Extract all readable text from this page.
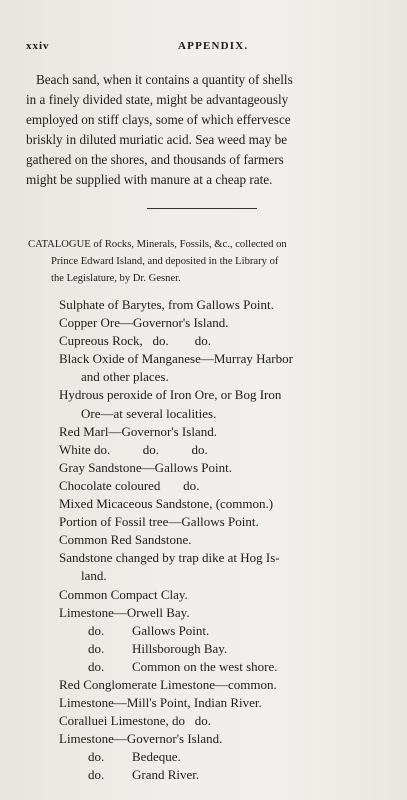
xxiv	APPENDIX.

Beach sand, when it contains a quantity of shells
in a finely divided state, might be advantageously
employed on stiff clays, some of which effervesce
briskly in diluted muriatic acid. Sea weed may be
gathered on the shores, and thousands of farmers
might be supplied with manure at a cheap rate.

CATALOGUE of Rocks, Minerals, Fossils, &c., collected on
Prince Edward Island, and deposited in the Library of
the Legislature, by Dr. Gesner.

Sulphate of Barytes, from Gallows Point.
Copper Ore—Governor's Island.
Cupreous Rock,   do.        do.
Black Oxide of Manganese—Murray Harbor
and other places.
Hydrous peroxide of Iron Ore, or Bog Iron
Ore—at several localities.
Red Marl—Governor's Island.
White do.          do.          do.
Gray Sandstone—Gallows Point.
Chocolate coloured       do.
Mixed Micaceous Sandstone, (common.)
Portion of Fossil tree—Gallows Point.
Common Red Sandstone.
Sandstone changed by trap dike at Hog Is-
land.
Common Compact Clay.
Limestone—Orwell Bay.
do. Gallows Point.
do. Hillsborough Bay.
do. Common on the west shore.
Red Conglomerate Limestone—common.
Limestone—Mill's Point, Indian River.
Coralluei Limestone, do   do.
Limestone—Governor's Island.
do. Bedeque.
do. Grand River.
